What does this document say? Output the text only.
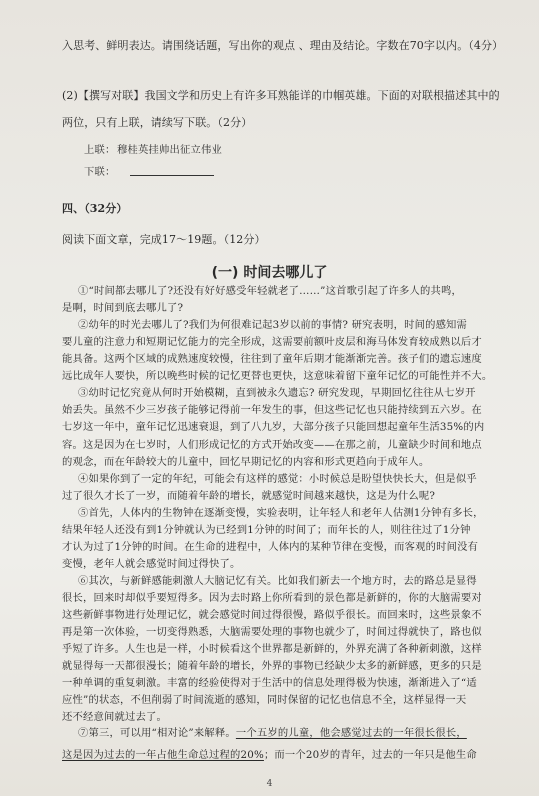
入思考、鲜明表达。请围绕话题，写出你的观点 、理由及结论。字数在70字以内。（4分）
(2)【撰写对联】我国文学和历史上有许多耳熟能详的巾帼英雄。下面的对联根描述其中的
两位，只有上联，请续写下联。（2分）
上联： 穆桂英挂帅出征立伟业
下联：
四、（32分）
阅读下面文章，完成17～19题。（12分）
(一) 时间去哪儿了
①“时间都去哪儿了?还没有好好感受年轻就老了……”这首歌引起了许多人的共鸣，
是啊，时间到底去哪儿了?
②幼年的时光去哪儿了?我们为何很难记起3岁以前的事情? 研究表明，时间的感知需
要儿童的注意力和短期记忆能力的完全形成，这需要前额叶皮层和海马体发育较成熟以后才
能具备。这两个区域的成熟速度较慢，往往到了童年后期才能渐渐完善。孩子们的遗忘速度
远比成年人要快，所以晚些时候的记忆更替也更快，这意味着留下童年记忆的可能性并不大。
③幼时记忆究竟从何时开始模糊，直到被永久遗忘? 研究发现，早期回忆往往从七岁开
始丢失。虽然不少三岁孩子能够记得前一年发生的事，但这些记忆也只能持续到五六岁。在
七岁这一年中，童年记忆迅速衰退，到了八九岁，大部分孩子只能回想起童年生活35%的内
容。这是因为在七岁时，人们形成记忆的方式开始改变——在那之前，儿童缺少时间和地点
的观念，而在年龄较大的儿童中，回忆早期记忆的内容和形式更趋向于成年人。
④如果你到了一定的年纪，可能会有这样的感觉：小时候总是盼望快快长大，但是似乎
过了很久才长了一岁，而随着年龄的增长，就感觉时间越来越快，这是为什么呢?
⑤首先，人体内的生物钟在逐渐变慢，实验表明，让年轻人和老年人估测1分钟有多长，
结果年轻人还没有到1分钟就认为已经到1分钟的时间了；而年长的人，则往往过了1分钟
才认为过了1分钟的时间。在生命的进程中，人体内的某种节律在变慢，而客观的时间没有
变慢，老年人就会感觉时间过得快了。
⑥其次，与新鲜感能刺激人大脑记忆有关。比如我们新去一个地方时，去的路总是显得
很长，回来时却似乎要短得多。因为去时路上你所看到的景色都是新鲜的，你的大脑需要对
这些新鲜事物进行处理记忆，就会感觉时间过得很慢，路似乎很长。而回来时，这些景象不
再是第一次体验，一切变得熟悉，大脑需要处理的事物也就少了，时间过得就快了，路也似
乎短了许多。人生也是一样，小时候看这个世界都是新鲜的，外界充满了各种新刺激，这样
就显得每一天都很漫长；随着年龄的增长，外界的事物已经缺少太多的新鲜感，更多的只是
一种单调的重复刺激。丰富的经验使得对于生活中的信息处理得极为快速，渐渐进入了“适
应性”的状态，不但削弱了时间流逝的感知，同时保留的记忆也信息不全，这样显得一天
还不经意间就过去了。
⑦第三，可以用“相对论”来解释。一个五岁的儿童，他会感觉过去的一年很长很长，
这是因为过去的一年占他生命总过程的20%；而一个20岁的青年，过去的一年只是他生命
4
